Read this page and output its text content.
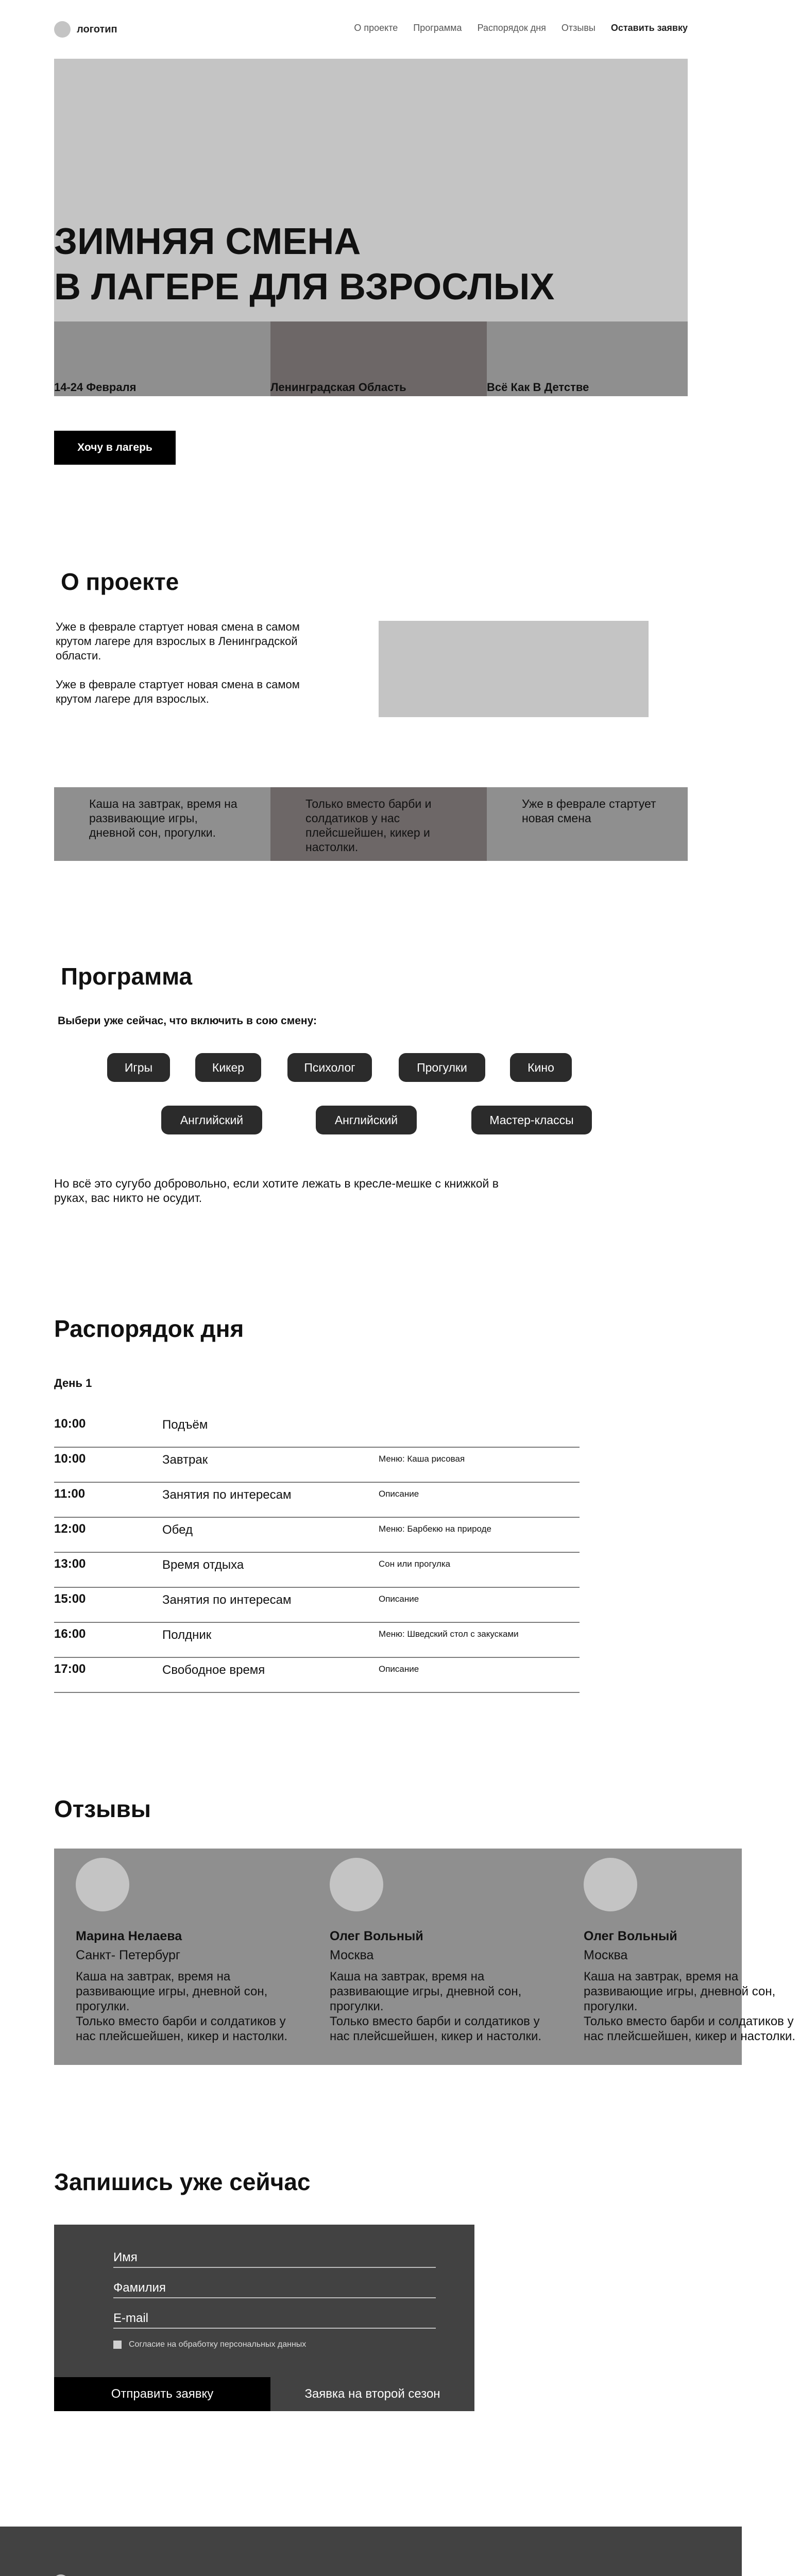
логотип	О проекте Программа Распорядок дня Отзывы Оставить заявку
ЗИМНЯЯ СМЕНА
В ЛАГЕРЕ ДЛЯ ВЗРОСЛЫХ
14-24 Февраля	Ленинградская Область	Всё Как В Детстве
Хочу в лагерь
О проекте

Уже в феврале стартует новая смена в самом крутом лагере для взрослых в Ленинградской области.

Уже в феврале стартует новая смена в самом крутом лагере для взрослых.

Каша на завтрак, время на развивающие игры, дневной сон, прогулки.

Только вместо барби и солдатиков у нас плейсшейшен, кикер и настолки.

Уже в феврале стартует новая смена

Программа

Выбери уже сейчас, что включить в сою смену:

Игры	Кикер	Психолог	Прогулки	Кино
Английский	Английский	Мастер-классы

Но всё это сугубо добровольно, если хотите лежать в кресле-мешке с книжкой в руках, вас никто не осудит.

Распорядок дня

День 1

10:00	Подъём
10:00	Завтрак	Меню: Каша рисовая
11:00	Занятия по интересам	Описание
12:00	Обед	Меню: Барбекю на природе
13:00	Время отдыха	Сон или прогулка
15:00	Занятия по интересам	Описание
16:00	Полдник	Меню: Шведский стол с закусками
17:00	Свободное время	Описание
Отзывы
Марина Нелаева
Санкт- Петербург
Каша на завтрак, время на развивающие игры, дневной сон, прогулки.
Только вместо барби и солдатиков у нас плейсшейшен, кикер и настолки.
Олег Вольный
Москва
Каша на завтрак, время на развивающие игры, дневной сон, прогулки.
Только вместо барби и солдатиков у нас плейсшейшен, кикер и настолки.
Олег Вольный
Москва
Каша на завтрак, время на развивающие игры, дневной сон, прогулки.
Только вместо барби и солдатиков у нас плейсшейшен, кикер и настолки.
Запишись уже сейчас
Имя
Фамилия
E-mail
Согласие на обработку персональных данных
Отправить заявку	Заявка на второй сезон
